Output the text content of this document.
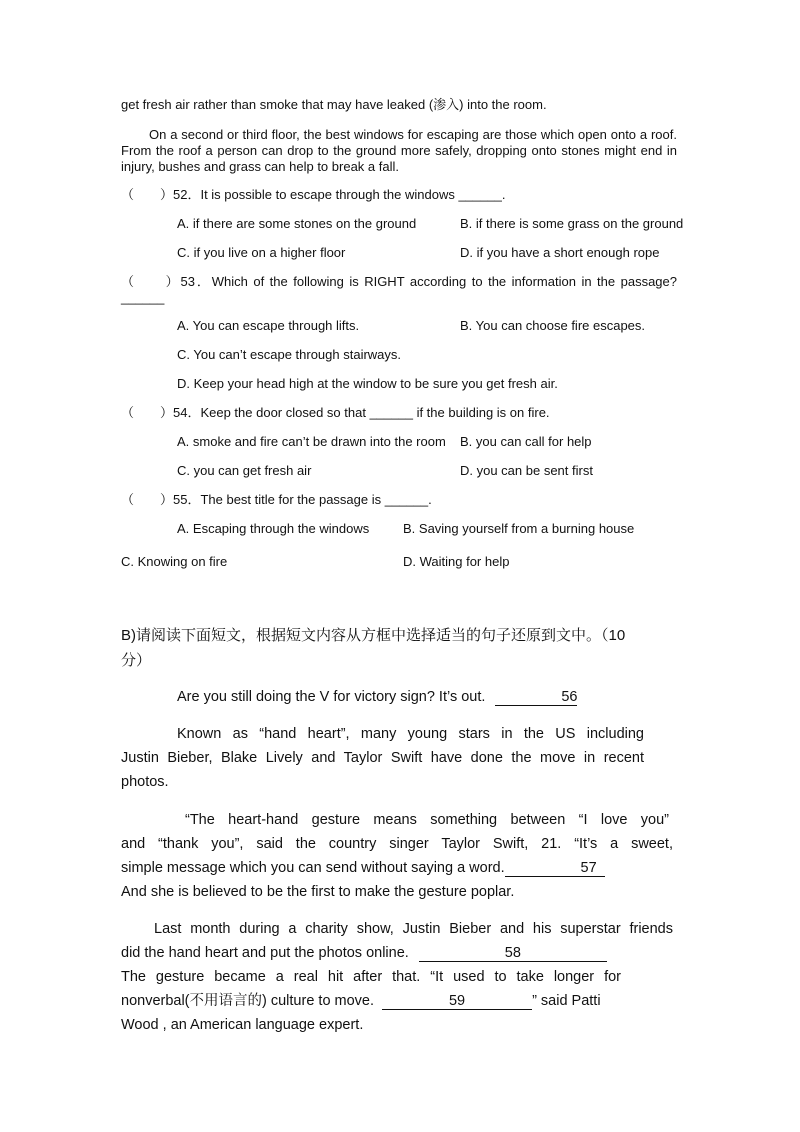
get fresh air rather than smoke that may have leaked (渗入) into the room.
On a second or third floor, the best windows for escaping are those which open onto a roof.
From the roof a person can drop to the ground more safely, dropping onto stones might end in
injury, bushes and grass can help to break a fall.
（　　）52．It is possible to escape through the windows ______.
A. if there are some stones on the ground	B. if there is some grass on the ground
C. if you live on a higher floor	D. if you have a short enough rope
（　　）53．Which of the following is RIGHT according to the information in the passage?
______
A. You can escape through lifts.	B. You can choose fire escapes.
C. You can’t escape through stairways.
D. Keep your head high at the window to be sure you get fresh air.
（　　）54．Keep the door closed so that ______ if the building is on fire.
A. smoke and fire can’t be drawn into the room B. you can call for help
C. you can get fresh air	D. you can be sent first
（　　）55．The best title for the passage is ______.
A. Escaping through the windows	B. Saving yourself from a burning house
C. Knowing on fire	D. Waiting for help
B)请阅读下面短文，根据短文内容从方框中选择适当的句子还原到文中。（10
分）
Are you still doing the V for victory sign? It’s out.	56
Known as “hand heart”, many young stars in the US including
Justin Bieber, Blake Lively and Taylor Swift have done the move in recent
photos.
“The heart-hand gesture means something between “I love you”
and “thank you”, said the country singer Taylor Swift, 21. “It’s a sweet,
simple message which you can send without saying a word.	57
And she is believed to be the first to make the gesture poplar.
Last month during a charity show, Justin Bieber and his superstar friends
did the hand heart and put the photos online.	58
The gesture became a real hit after that. “It used to take longer for
nonverbal(不用语言的) culture to move.	59	” said Patti
Wood , an American language expert.
